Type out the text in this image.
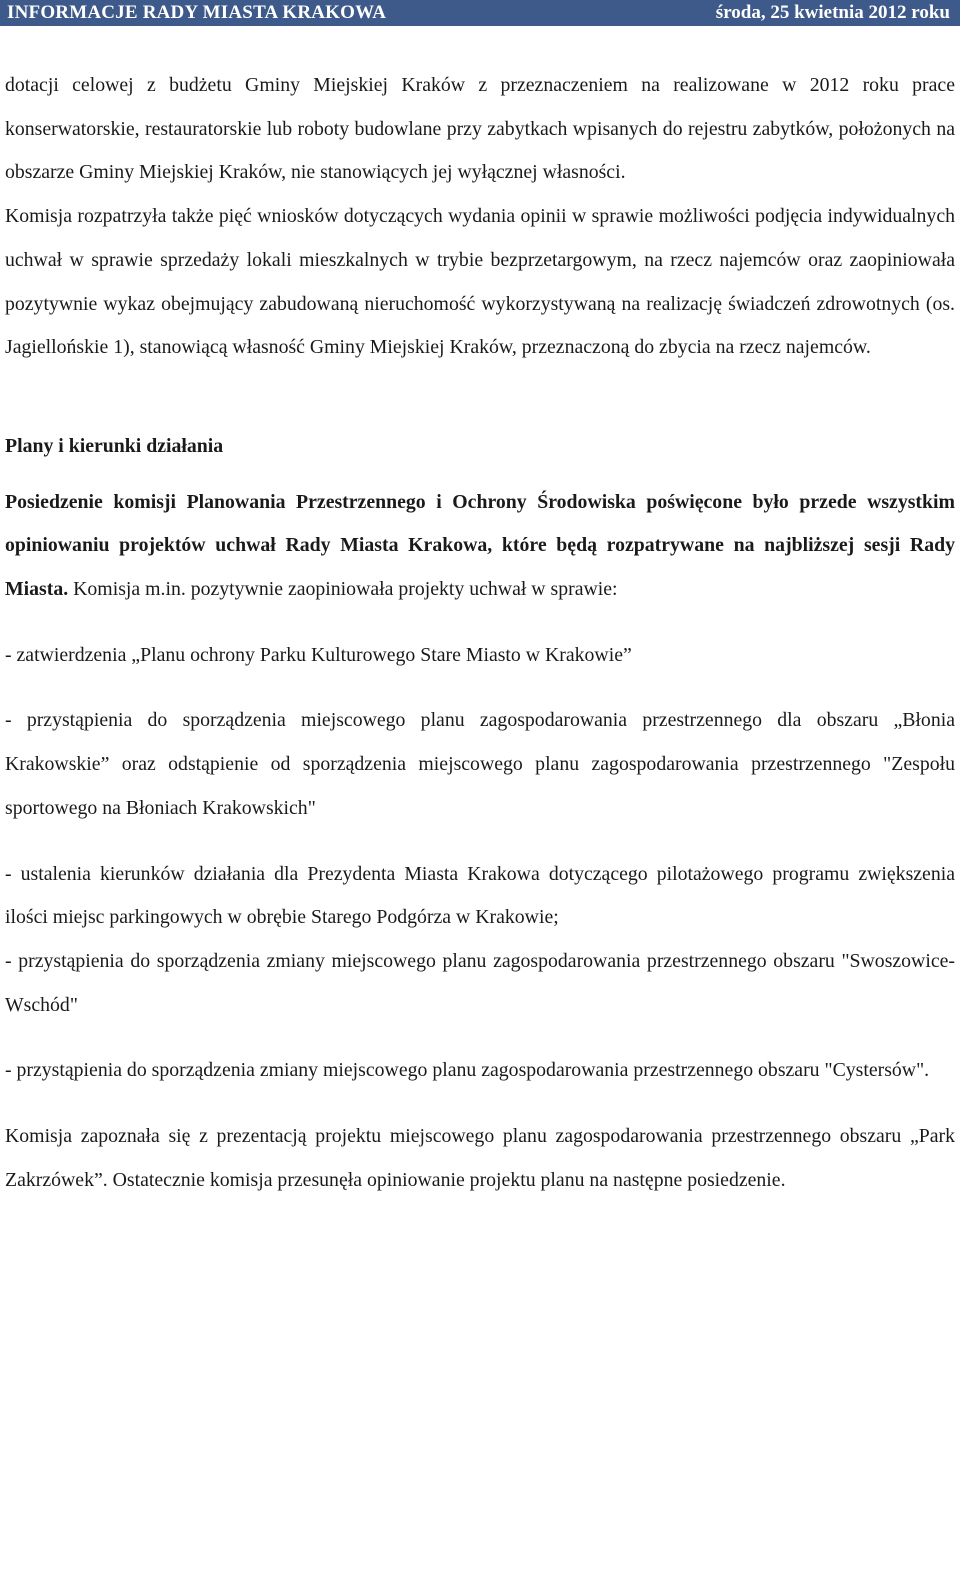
INFORMACJE RADY MIASTA KRAKOWA	środa, 25 kwietnia 2012 roku

dotacji celowej z budżetu Gminy Miejskiej Kraków z przeznaczeniem na realizowane w 2012 roku prace konserwatorskie, restauratorskie lub roboty budowlane przy zabytkach wpisanych do rejestru zabytków, położonych na obszarze Gminy Miejskiej Kraków, nie stanowiących jej wyłącznej własności.

Komisja rozpatrzyła także pięć wniosków dotyczących wydania opinii w sprawie możliwości podjęcia indywidualnych uchwał w sprawie sprzedaży lokali mieszkalnych w trybie bezprzetargowym, na rzecz najemców oraz zaopiniowała pozytywnie wykaz obejmujący zabudowaną nieruchomość wykorzystywaną na realizację świadczeń zdrowotnych (os. Jagiellońskie 1), stanowiącą własność Gminy Miejskiej Kraków, przeznaczoną do zbycia na rzecz najemców.

Plany i kierunki działania

Posiedzenie komisji Planowania Przestrzennego i Ochrony Środowiska poświęcone było przede wszystkim opiniowaniu projektów uchwał Rady Miasta Krakowa, które będą rozpatrywane na najbliższej sesji Rady Miasta. Komisja m.in. pozytywnie zaopiniowała projekty uchwał w sprawie:

- zatwierdzenia „Planu ochrony Parku Kulturowego Stare Miasto w Krakowie”

- przystąpienia do sporządzenia miejscowego planu zagospodarowania przestrzennego dla obszaru „Błonia Krakowskie” oraz odstąpienie od sporządzenia miejscowego planu zagospodarowania przestrzennego "Zespołu sportowego na Błoniach Krakowskich"

- ustalenia kierunków działania dla Prezydenta Miasta Krakowa dotyczącego pilotażowego programu zwiększenia ilości miejsc parkingowych w obrębie Starego Podgórza w Krakowie;

- przystąpienia do sporządzenia zmiany miejscowego planu zagospodarowania przestrzennego obszaru "Swoszowice-Wschód"

- przystąpienia do sporządzenia zmiany miejscowego planu zagospodarowania przestrzennego obszaru "Cystersów".

Komisja zapoznała się z prezentacją projektu miejscowego planu zagospodarowania przestrzennego obszaru „Park Zakrzówek”. Ostatecznie komisja przesunęła opiniowanie projektu planu na następne posiedzenie.
